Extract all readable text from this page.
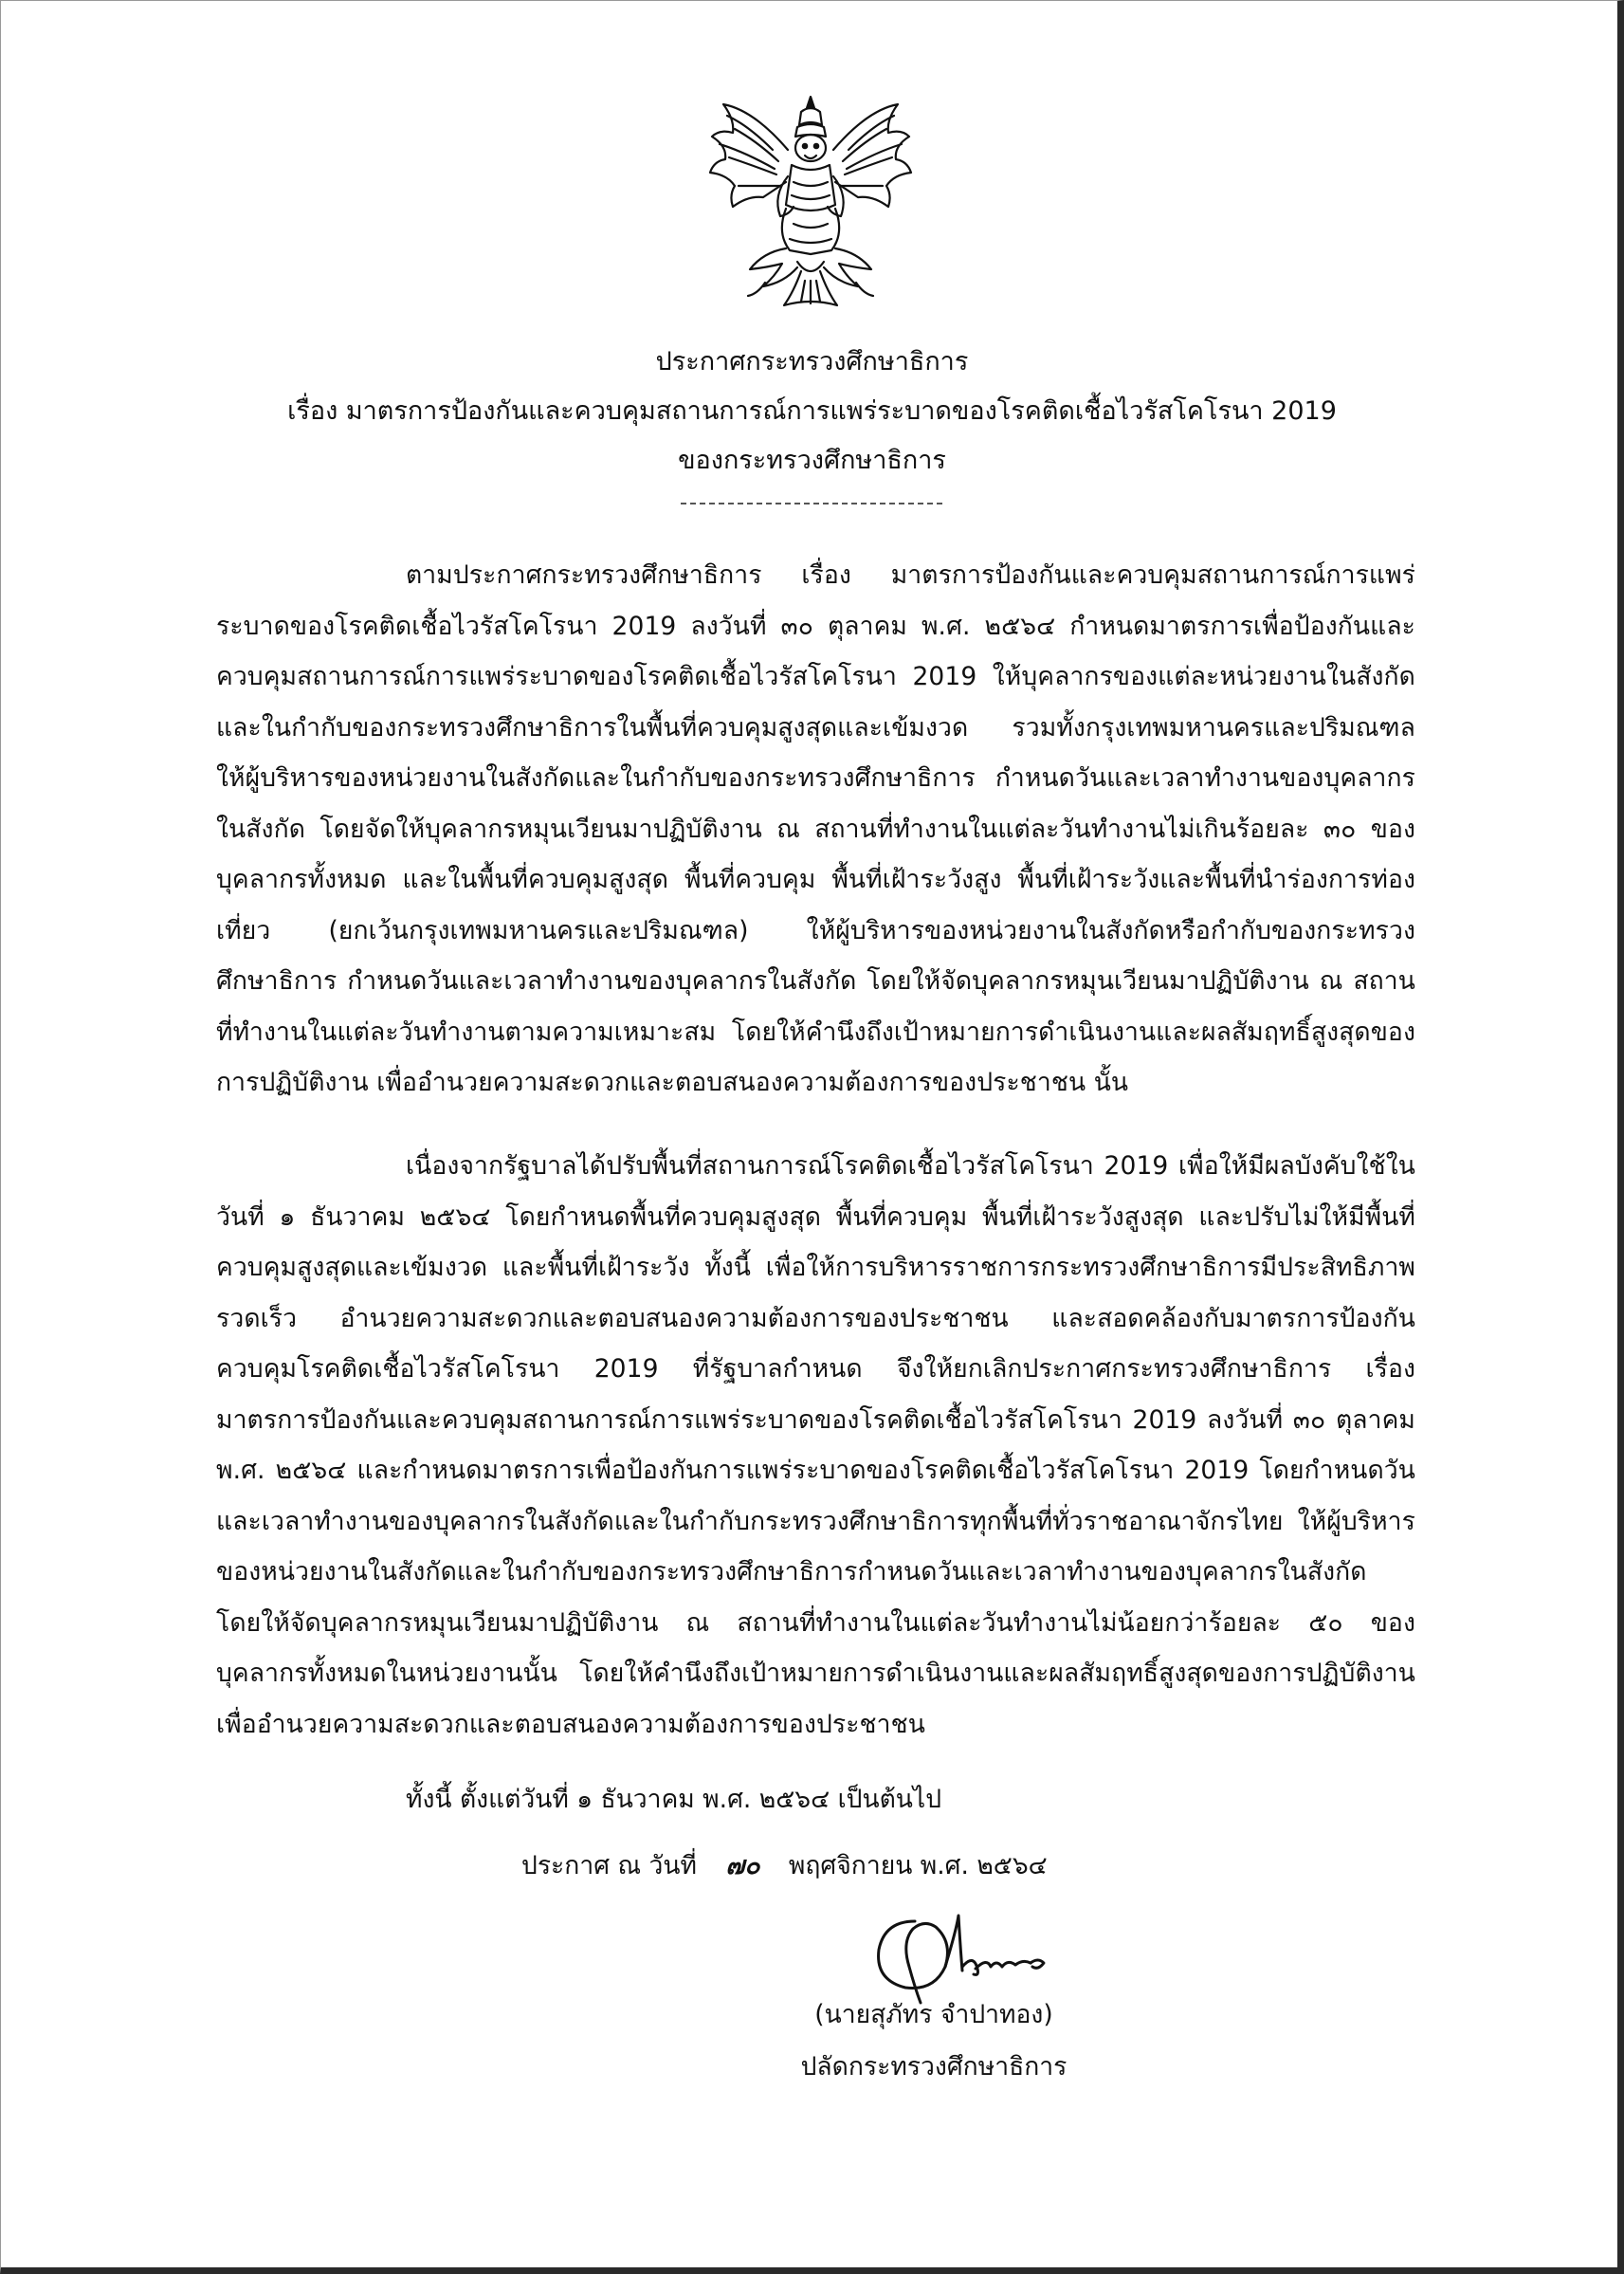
ประกาศกระทรวงศึกษาธิการ
เรื่อง มาตรการป้องกันและควบคุมสถานการณ์การแพร่ระบาดของโรคติดเชื้อไวรัสโคโรนา 2019
ของกระทรวงศึกษาธิการ
ตามประกาศกระทรวงศึกษาธิการ เรื่อง มาตรการป้องกันและควบคุมสถานการณ์การแพร่ระบาดของโรคติดเชื้อไวรัสโคโรนา 2019 ลงวันที่ ๓๐ ตุลาคม พ.ศ. ๒๕๖๔ กำหนดมาตรการเพื่อป้องกันและควบคุมสถานการณ์การแพร่ระบาดของโรคติดเชื้อไวรัสโคโรนา 2019 ให้บุคลากรของแต่ละหน่วยงานในสังกัดและในกำกับของกระทรวงศึกษาธิการในพื้นที่ควบคุมสูงสุดและเข้มงวด รวมทั้งกรุงเทพมหานครและปริมณฑล ให้ผู้บริหารของหน่วยงานในสังกัดและในกำกับของกระทรวงศึกษาธิการ กำหนดวันและเวลาทำงานของบุคลากรในสังกัด โดยจัดให้บุคลากรหมุนเวียนมาปฏิบัติงาน ณ สถานที่ทำงานในแต่ละวันทำงานไม่เกินร้อยละ ๓๐ ของบุคลากรทั้งหมด และในพื้นที่ควบคุมสูงสุด พื้นที่ควบคุม พื้นที่เฝ้าระวังสูง พื้นที่เฝ้าระวังและพื้นที่นำร่องการท่องเที่ยว (ยกเว้นกรุงเทพมหานครและปริมณฑล) ให้ผู้บริหารของหน่วยงานในสังกัดหรือกำกับของกระทรวงศึกษาธิการ กำหนดวันและเวลาทำงานของบุคลากรในสังกัด โดยให้จัดบุคลากรหมุนเวียนมาปฏิบัติงาน ณ สถานที่ทำงานในแต่ละวันทำงานตามความเหมาะสม โดยให้คำนึงถึงเป้าหมายการดำเนินงานและผลสัมฤทธิ์สูงสุดของการปฏิบัติงาน เพื่ออำนวยความสะดวกและตอบสนองความต้องการของประชาชน นั้น
เนื่องจากรัฐบาลได้ปรับพื้นที่สถานการณ์โรคติดเชื้อไวรัสโคโรนา 2019 เพื่อให้มีผลบังคับใช้ในวันที่ ๑ ธันวาคม ๒๕๖๔ โดยกำหนดพื้นที่ควบคุมสูงสุด พื้นที่ควบคุม พื้นที่เฝ้าระวังสูงสุด และปรับไม่ให้มีพื้นที่ควบคุมสูงสุดและเข้มงวด และพื้นที่เฝ้าระวัง ทั้งนี้ เพื่อให้การบริหารราชการกระทรวงศึกษาธิการมีประสิทธิภาพ รวดเร็ว อำนวยความสะดวกและตอบสนองความต้องการของประชาชน และสอดคล้องกับมาตรการป้องกันควบคุมโรคติดเชื้อไวรัสโคโรนา 2019 ที่รัฐบาลกำหนด จึงให้ยกเลิกประกาศกระทรวงศึกษาธิการ เรื่อง มาตรการป้องกันและควบคุมสถานการณ์การแพร่ระบาดของโรคติดเชื้อไวรัสโคโรนา 2019 ลงวันที่ ๓๐ ตุลาคม พ.ศ. ๒๕๖๔ และกำหนดมาตรการเพื่อป้องกันการแพร่ระบาดของโรคติดเชื้อไวรัสโคโรนา 2019 โดยกำหนดวันและเวลาทำงานของบุคลากรในสังกัดและในกำกับกระทรวงศึกษาธิการทุกพื้นที่ทั่วราชอาณาจักรไทย ให้ผู้บริหารของหน่วยงานในสังกัดและในกำกับของกระทรวงศึกษาธิการกำหนดวันและเวลาทำงานของบุคลากรในสังกัด โดยให้จัดบุคลากรหมุนเวียนมาปฏิบัติงาน ณ สถานที่ทำงานในแต่ละวันทำงานไม่น้อยกว่าร้อยละ ๕๐ ของบุคลากรทั้งหมดในหน่วยงานนั้น โดยให้คำนึงถึงเป้าหมายการดำเนินงานและผลสัมฤทธิ์สูงสุดของการปฏิบัติงานเพื่ออำนวยความสะดวกและตอบสนองความต้องการของประชาชน
ทั้งนี้ ตั้งแต่วันที่ ๑ ธันวาคม พ.ศ. ๒๕๖๔ เป็นต้นไป
ประกาศ ณ วันที่ ๗๐ พฤศจิกายน พ.ศ. ๒๕๖๔
(นายสุภัทร จำปาทอง)
ปลัดกระทรวงศึกษาธิการ
